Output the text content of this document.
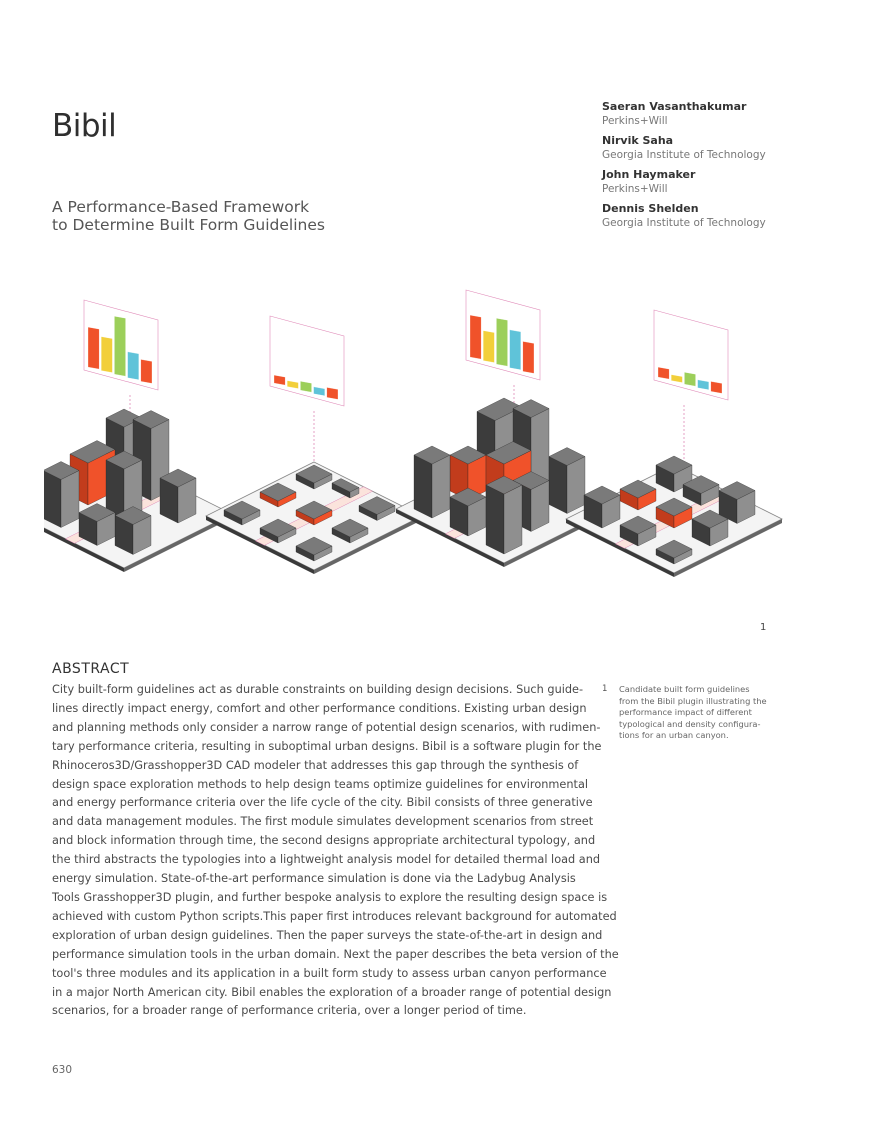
Bibil
A Performance-Based Framework
to Determine Built Form Guidelines
Saeran Vasanthakumar
Perkins+Will
Nirvik Saha
Georgia Institute of Technology
John Haymaker
Perkins+Will
Dennis Shelden
Georgia Institute of Technology
1
ABSTRACT
City built-form guidelines act as durable constraints on building design decisions. Such guide-
lines directly impact energy, comfort and other performance conditions. Existing urban design
and planning methods only consider a narrow range of potential design scenarios, with rudimen-
tary performance criteria, resulting in suboptimal urban designs. Bibil is a software plugin for the
Rhinoceros3D/Grasshopper3D CAD modeler that addresses this gap through the synthesis of
design space exploration methods to help design teams optimize guidelines for environmental
and energy performance criteria over the life cycle of the city. Bibil consists of three generative
and data management modules. The first module simulates development scenarios from street
and block information through time, the second designs appropriate architectural typology, and
the third abstracts the typologies into a lightweight analysis model for detailed thermal load and
energy simulation. State-of-the-art performance simulation is done via the Ladybug Analysis
Tools Grasshopper3D plugin, and further bespoke analysis to explore the resulting design space is
achieved with custom Python scripts.This paper first introduces relevant background for automated
exploration of urban design guidelines. Then the paper surveys the state-of-the-art in design and
performance simulation tools in the urban domain. Next the paper describes the beta version of the
tool's three modules and its application in a built form study to assess urban canyon performance
in a major North American city. Bibil enables the exploration of a broader range of potential design
scenarios, for a broader range of performance criteria, over a longer period of time.
1 Candidate built form guidelines
from the Bibil plugin illustrating the
performance impact of different
typological and density configura-
tions for an urban canyon.
630
